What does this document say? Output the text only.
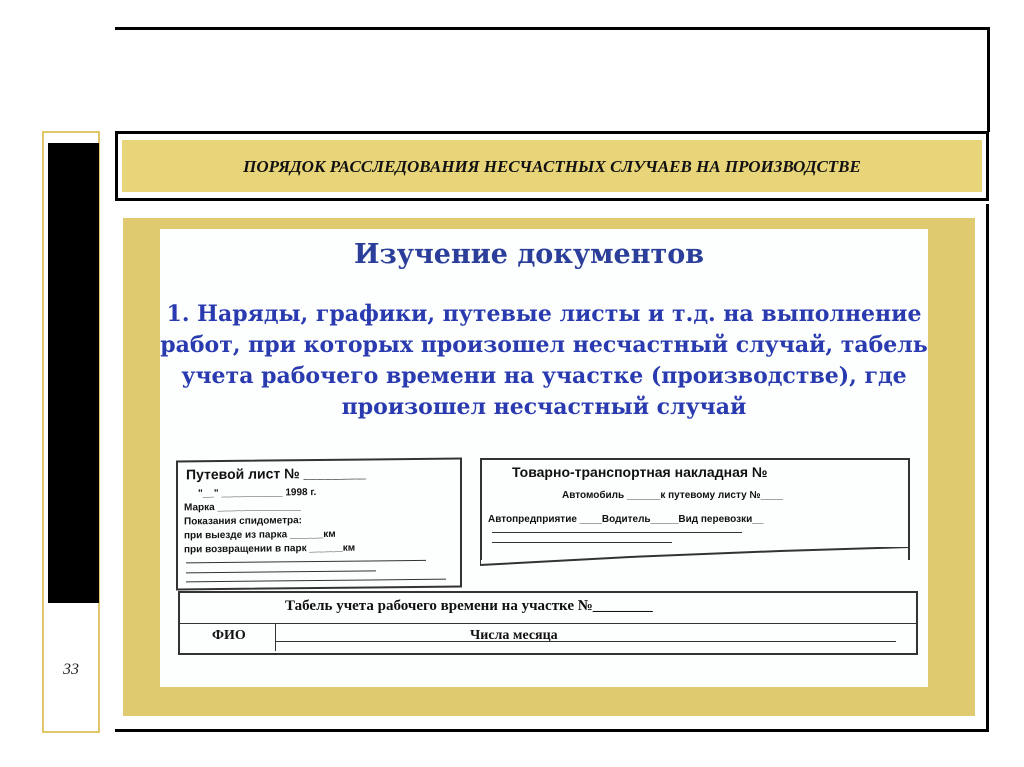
33
ПОРЯДОК РАССЛЕДОВАНИЯ НЕСЧАСТНЫХ СЛУЧАЕВ НА ПРОИЗВОДСТВЕ
Изучение документов
1. Наряды, графики, путевые листы и т.д. на выполнение работ, при которых произошел несчастный случай, табель учета рабочего времени на участке (производстве), где произошел несчастный случай
Путевой лист № ________
"__" ___________ 1998 г.
Марка _______________
Показания спидометра:
при выезде из парка ______км
при возвращении в парк ______км
Товарно-транспортная накладная №
Автомобиль ______к путевому листу №____
Автопредприятие ____Водитель_____Вид перевозки__
Табель учета рабочего времени на участке №________
ФИО	Числа месяца
